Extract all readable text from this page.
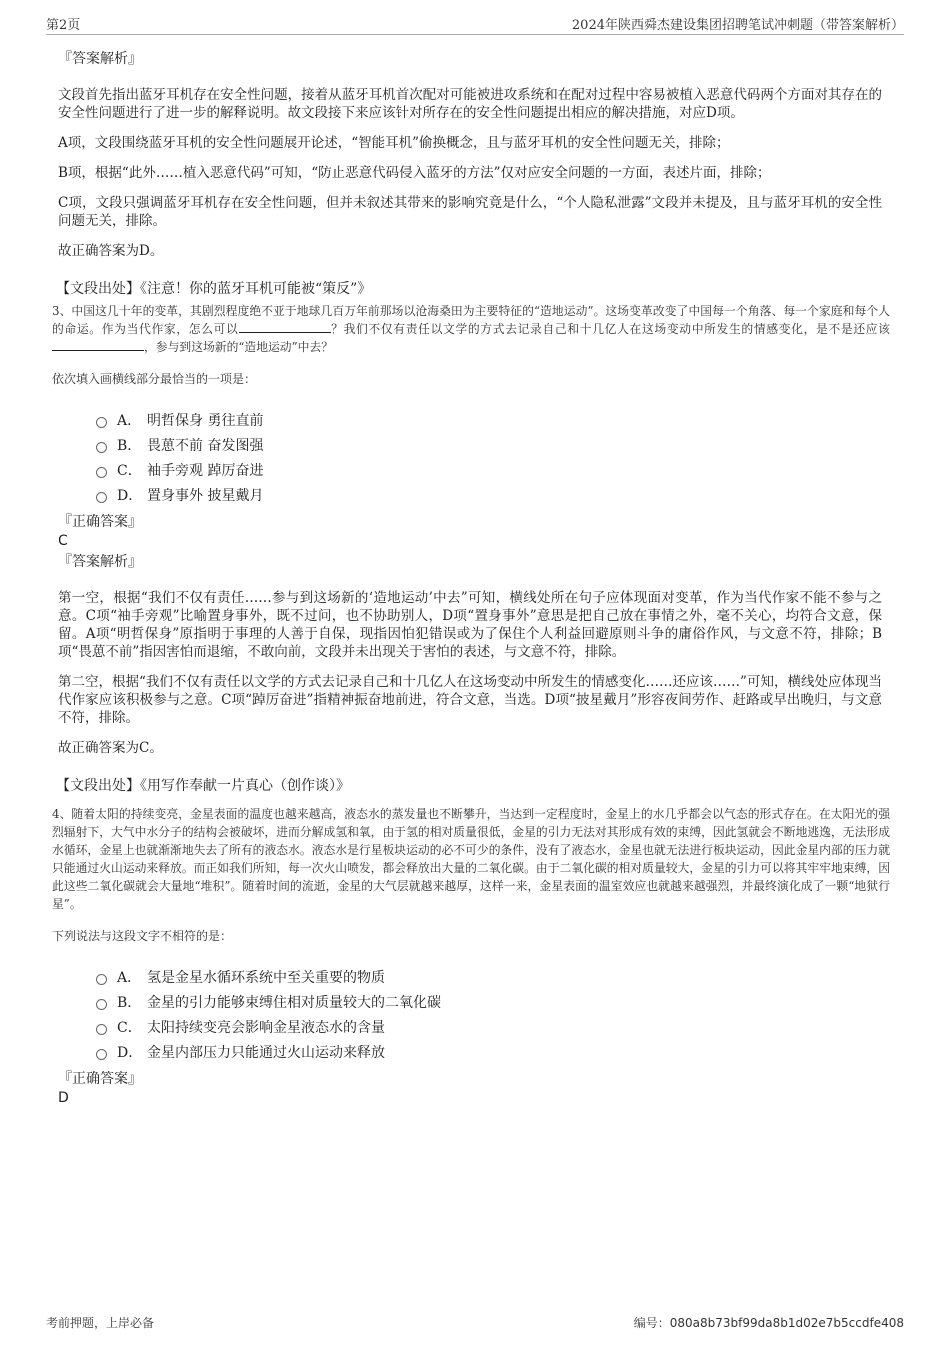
第2页	2024年陕西舜杰建设集团招聘笔试冲刺题（带答案解析）
『答案解析』
文段首先指出蓝牙耳机存在安全性问题，接着从蓝牙耳机首次配对可能被进攻系统和在配对过程中容易被植入恶意代码两个方面对其存在的安全性问题进行了进一步的解释说明。故文段接下来应该针对所存在的安全性问题提出相应的解决措施，对应D项。
A项，文段围绕蓝牙耳机的安全性问题展开论述，“智能耳机”偷换概念，且与蓝牙耳机的安全性问题无关，排除；
B项，根据“此外……植入恶意代码”可知，“防止恶意代码侵入蓝牙的方法”仅对应安全问题的一方面，表述片面，排除；
C项，文段只强调蓝牙耳机存在安全性问题，但并未叙述其带来的影响究竟是什么，“个人隐私泄露”文段并未提及，且与蓝牙耳机的安全性问题无关，排除。
故正确答案为D。
【文段出处】《注意！你的蓝牙耳机可能被“策反”》
3、中国这几十年的变革，其剧烈程度绝不亚于地球几百万年前那场以沧海桑田为主要特征的“造地运动”。这场变革改变了中国每一个角落、每一个家庭和每个人的命运。作为当代作家，怎么可以	？我们不仅有责任以文学的方式去记录自己和十几亿人在这场变动中所发生的情感变化，是不是还应该，参与到这场新的“造地运动”中去？
依次填入画横线部分最恰当的一项是：
A． 明哲保身 勇往直前
B． 畏葸不前 奋发图强
C． 袖手旁观 踔厉奋进
D． 置身事外 披星戴月
『正确答案』
C
『答案解析』
第一空，根据“我们不仅有责任……参与到这场新的‘造地运动’中去”可知，横线处所在句子应体现面对变革，作为当代作家不能不参与之意。C项“袖手旁观”比喻置身事外，既不过问，也不协助别人，D项“置身事外”意思是把自己放在事情之外，毫不关心，均符合文意，保留。A项“明哲保身”原指明于事理的人善于自保，现指因怕犯错误或为了保住个人利益回避原则斗争的庸俗作风，与文意不符，排除；B项“畏葸不前”指因害怕而退缩，不敢向前，文段并未出现关于害怕的表述，与文意不符，排除。
第二空，根据“我们不仅有责任以文学的方式去记录自己和十几亿人在这场变动中所发生的情感变化……还应该……”可知，横线处应体现当代作家应该积极参与之意。C项“踔厉奋进”指精神振奋地前进，符合文意，当选。D项“披星戴月”形容夜间劳作、赶路或早出晚归，与文意不符，排除。
故正确答案为C。
【文段出处】《用写作奉献一片真心（创作谈）》
4、随着太阳的持续变亮，金星表面的温度也越来越高，液态水的蒸发量也不断攀升，当达到一定程度时，金星上的水几乎都会以气态的形式存在。在太阳光的强烈辐射下，大气中水分子的结构会被破坏，进而分解成氢和氧，由于氢的相对质量很低，金星的引力无法对其形成有效的束缚，因此氢就会不断地逃逸，无法形成水循环，金星上也就渐渐地失去了所有的液态水。液态水是行星板块运动的必不可少的条件，没有了液态水，金星也就无法进行板块运动，因此金星内部的压力就只能通过火山运动来释放。而正如我们所知，每一次火山喷发，都会释放出大量的二氧化碳。由于二氧化碳的相对质量较大，金星的引力可以将其牢牢地束缚，因此这些二氧化碳就会大量地“堆积”。随着时间的流逝，金星的大气层就越来越厚，这样一来，金星表面的温室效应也就越来越强烈，并最终演化成了一颗“地狱行星”。
下列说法与这段文字不相符的是：
A． 氢是金星水循环系统中至关重要的物质
B． 金星的引力能够束缚住相对质量较大的二氧化碳
C． 太阳持续变亮会影响金星液态水的含量
D． 金星内部压力只能通过火山运动来释放
『正确答案』
D
考前押题，上岸必备	编号：080a8b73bf99da8b1d02e7b5ccdfe408
